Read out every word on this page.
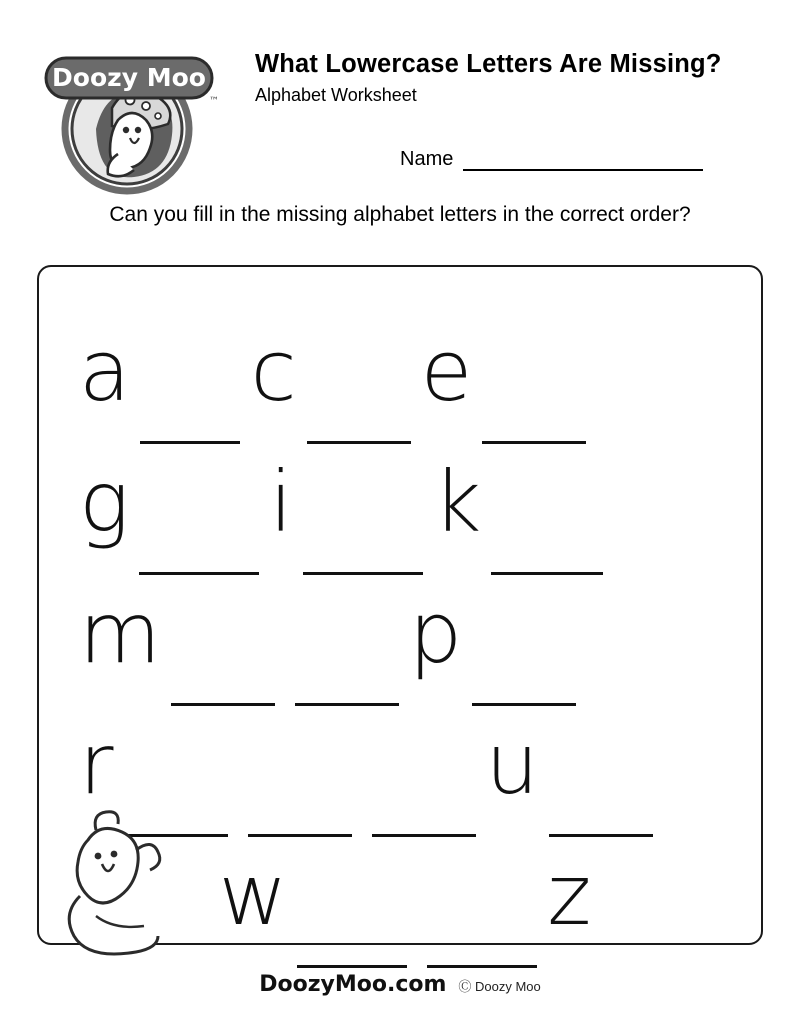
Doozy Moo
™
What Lowercase Letters Are Missing?

Alphabet Worksheet

Name
Can you fill in the missing alphabet letters in the correct order?
a c e
g i k
m	p
r	u
w	z
DoozyMoo.com Ⓒ Doozy Moo
